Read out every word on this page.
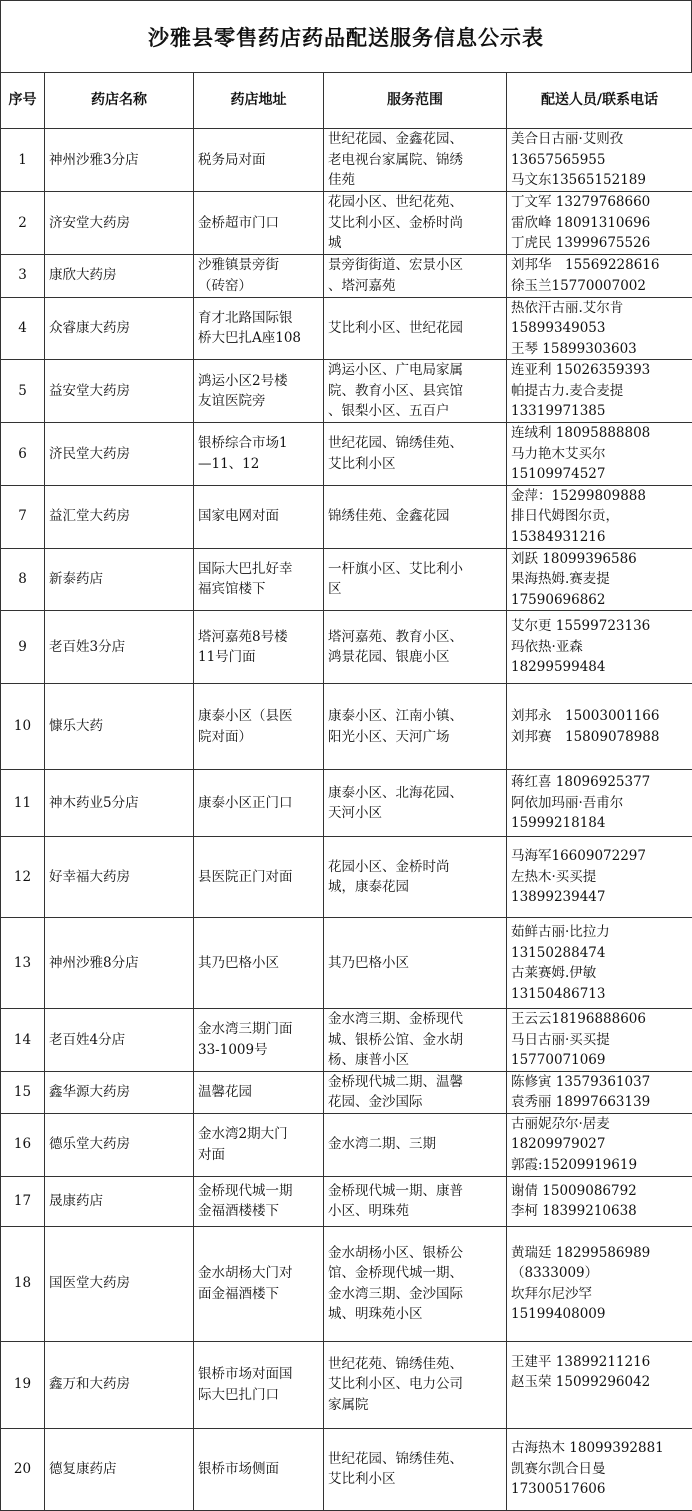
沙雅县零售药店药品配送服务信息公示表
序号	药店名称	药店地址	服务范围	配送人员/联系电话
1	神州沙雅3分店	税务局对面	世纪花园、金鑫花园、
老电视台家属院、锦绣
佳苑	美合日古丽·艾则孜
13657565955
马文东13565152189
2	济安堂大药房	金桥超市门口	花园小区、世纪花苑、
艾比利小区、金桥时尚
城	丁文军 13279768660
雷欣峰 18091310696
丁虎民 13999675526
3	康欣大药房	沙雅镇景旁街
（砖窑）	景旁街街道、宏景小区
、塔河嘉苑	刘邦华　15569228616
徐玉兰15770007002
4	众睿康大药房	育才北路国际银
桥大巴扎A座108	艾比利小区、世纪花园	热依汗古丽.艾尔肯
15899349053
王琴 15899303603
5	益安堂大药房	鸿运小区2号楼
友谊医院旁	鸿运小区、广电局家属
院、教育小区、县宾馆
、银梨小区、五百户	连亚利 15026359393
帕提古力.麦合麦提
13319971385
6	济民堂大药房	银桥综合市场1
—11、12	世纪花园、锦绣佳苑、
艾比利小区	连绒利 18095888808
马力艳木艾买尔
15109974527
7	益汇堂大药房	国家电网对面	锦绣佳苑、金鑫花园	金萍：15299809888
排日代姆图尔贡，
15384931216
8	新泰药店	国际大巴扎好幸
福宾馆楼下	一杆旗小区、艾比利小
区	刘跃 18099396586
果海热姆.赛麦提
17590696862
9	老百姓3分店	塔河嘉苑8号楼
11号门面	塔河嘉苑、教育小区、
鸿景花园、银鹿小区	艾尔更 15599723136
玛依热·亚森
18299599484
10	慷乐大药	康泰小区（县医
院对面）	康泰小区、江南小镇、
阳光小区、天河广场	刘邦永　15003001166
刘邦赛　15809078988
11	神木药业5分店	康泰小区正门口	康泰小区、北海花园、
天河小区	蒋红喜 18096925377
阿依加玛丽·吾甫尔
15999218184
12	好幸福大药房	县医院正门对面	花园小区、金桥时尚
城，康泰花园	马海军16609072297
左热木·买买提
13899239447
13	神州沙雅8分店	其乃巴格小区	其乃巴格小区	茹鲜古丽·比拉力
13150288474
古莱赛姆.伊敏
13150486713
14	老百姓4分店	金水湾三期门面
33-1009号	金水湾三期、金桥现代
城、银桥公馆、金水胡
杨、康普小区	王云云18196888606
马日古丽·买买提
15770071069
15	鑫华源大药房	温馨花园	金桥现代城二期、温馨
花园、金沙国际	陈修寅 13579361037
袁秀丽 18997663139
16	德乐堂大药房	金水湾2期大门
对面	金水湾二期、三期	古丽妮尕尔·居麦
18209979027
郭霞:15209919619
17	晟康药店	金桥现代城一期
金福酒楼楼下	金桥现代城一期、康普
小区、明珠苑	谢倩 15009086792
李柯 18399210638
18	国医堂大药房	金水胡杨大门对
面金福酒楼下	金水胡杨小区、银桥公
馆、金桥现代城一期、
金水湾三期、金沙国际
城、明珠苑小区	黄瑞廷 18299586989
（8333009）
坎拜尔尼沙罕
15199408009
19	鑫万和大药房	银桥市场对面国
际大巴扎门口	世纪花苑、锦绣佳苑、
艾比利小区、电力公司
家属院	王建平 13899211216
赵玉荣 15099296042
20	德复康药店	银桥市场侧面	世纪花园、锦绣佳苑、
艾比利小区	古海热木 18099392881
凯赛尔凯合日曼
17300517606
